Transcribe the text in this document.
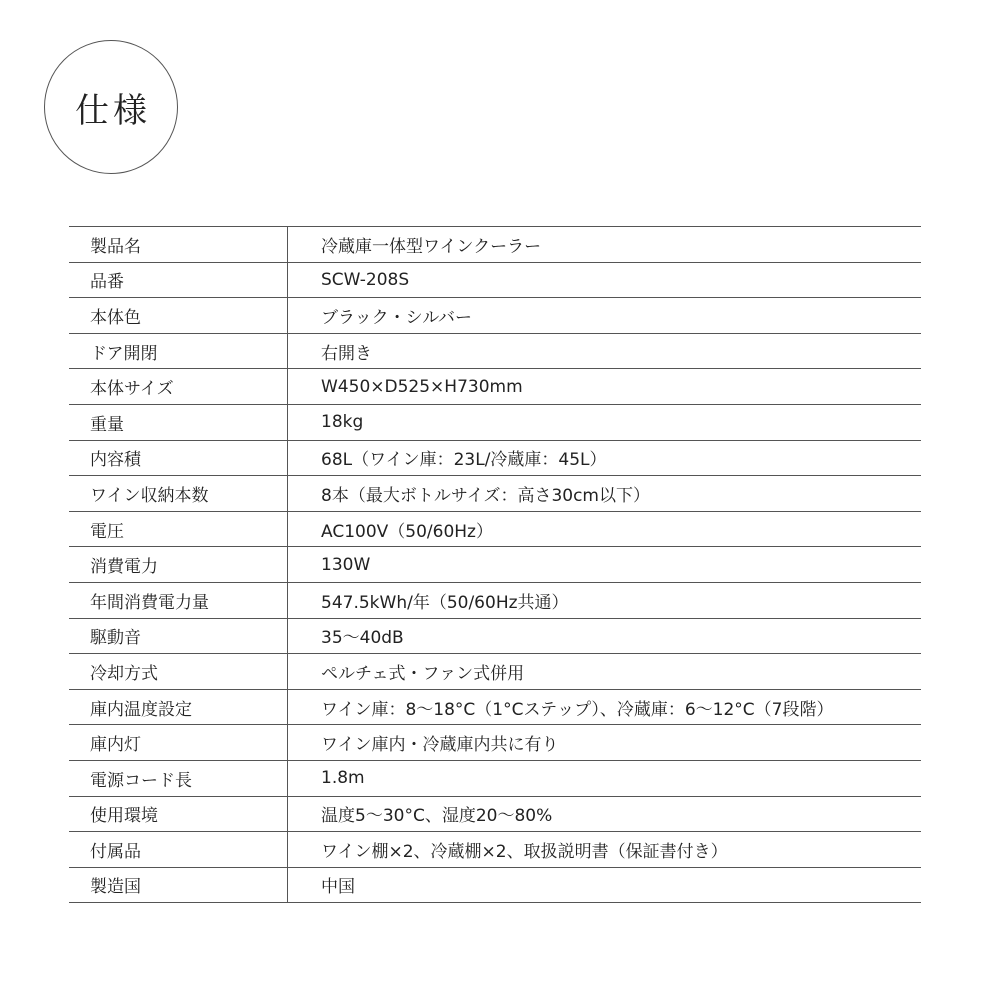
仕様
製品名	冷蔵庫一体型ワインクーラー
品番	SCW-208S
本体色	ブラック・シルバー
ドア開閉	右開き
本体サイズ	W450×D525×H730mm
重量	18kg
内容積	68L（ワイン庫：23L/冷蔵庫：45L）
ワイン収納本数	8本（最大ボトルサイズ：高さ30cm以下）
電圧	AC100V（50/60Hz）
消費電力	130W
年間消費電力量	547.5kWh/年（50/60Hz共通）
駆動音	35〜40dB
冷却方式	ペルチェ式・ファン式併用
庫内温度設定	ワイン庫：8〜18°C（1°Cステップ）、冷蔵庫：6〜12°C（7段階）
庫内灯	ワイン庫内・冷蔵庫内共に有り
電源コード長	1.8m
使用環境	温度5〜30°C、湿度20〜80%
付属品	ワイン棚×2、冷蔵棚×2、取扱説明書（保証書付き）
製造国	中国
